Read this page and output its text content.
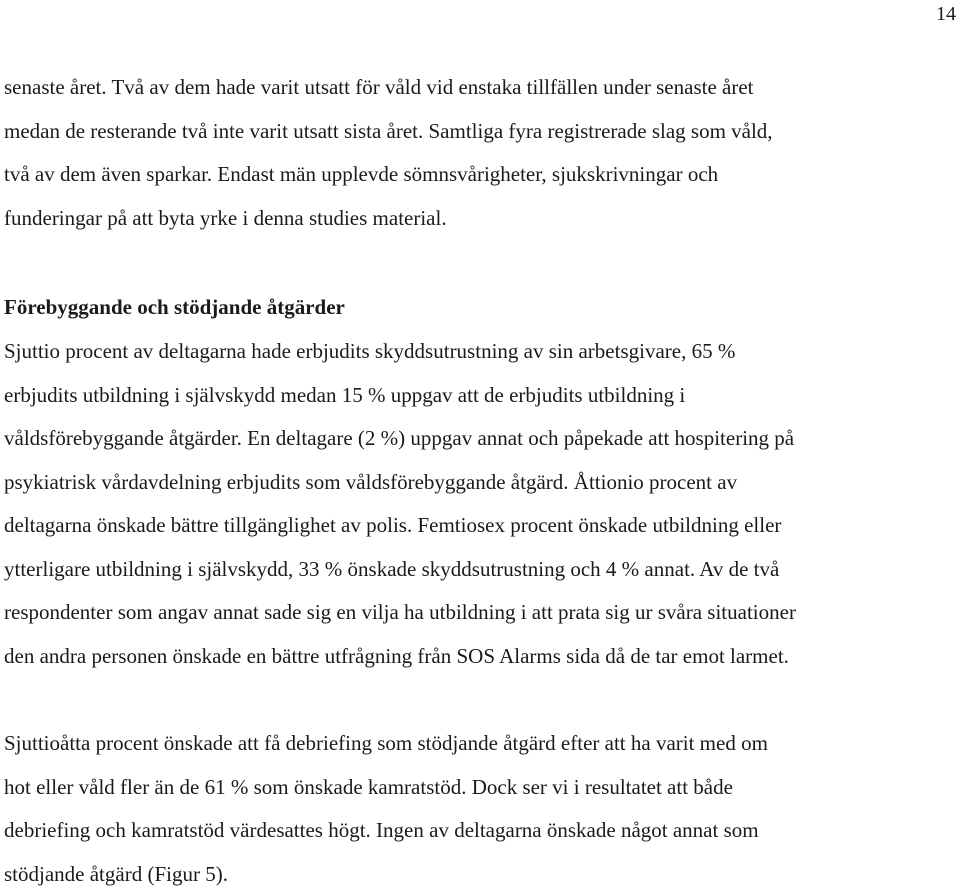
14

senaste året. Två av dem hade varit utsatt för våld vid enstaka tillfällen under senaste året
medan de resterande två inte varit utsatt sista året. Samtliga fyra registrerade slag som våld,
två av dem även sparkar. Endast män upplevde sömnsvårigheter, sjukskrivningar och
funderingar på att byta yrke i denna studies material.

Förebyggande och stödjande åtgärder

Sjuttio procent av deltagarna hade erbjudits skyddsutrustning av sin arbetsgivare, 65 %
erbjudits utbildning i självskydd medan 15 % uppgav att de erbjudits utbildning i
våldsförebyggande åtgärder. En deltagare (2 %) uppgav annat och påpekade att hospitering på
psykiatrisk vårdavdelning erbjudits som våldsförebyggande åtgärd. Åttionio procent av
deltagarna önskade bättre tillgänglighet av polis. Femtiosex procent önskade utbildning eller
ytterligare utbildning i självskydd, 33 % önskade skyddsutrustning och 4 % annat. Av de två
respondenter som angav annat sade sig en vilja ha utbildning i att prata sig ur svåra situationer
den andra personen önskade en bättre utfrågning från SOS Alarms sida då de tar emot larmet.

Sjuttioåtta procent önskade att få debriefing som stödjande åtgärd efter att ha varit med om
hot eller våld fler än de 61 % som önskade kamratstöd. Dock ser vi i resultatet att både
debriefing och kamratstöd värdesattes högt. Ingen av deltagarna önskade något annat som
stödjande åtgärd (Figur 5).
